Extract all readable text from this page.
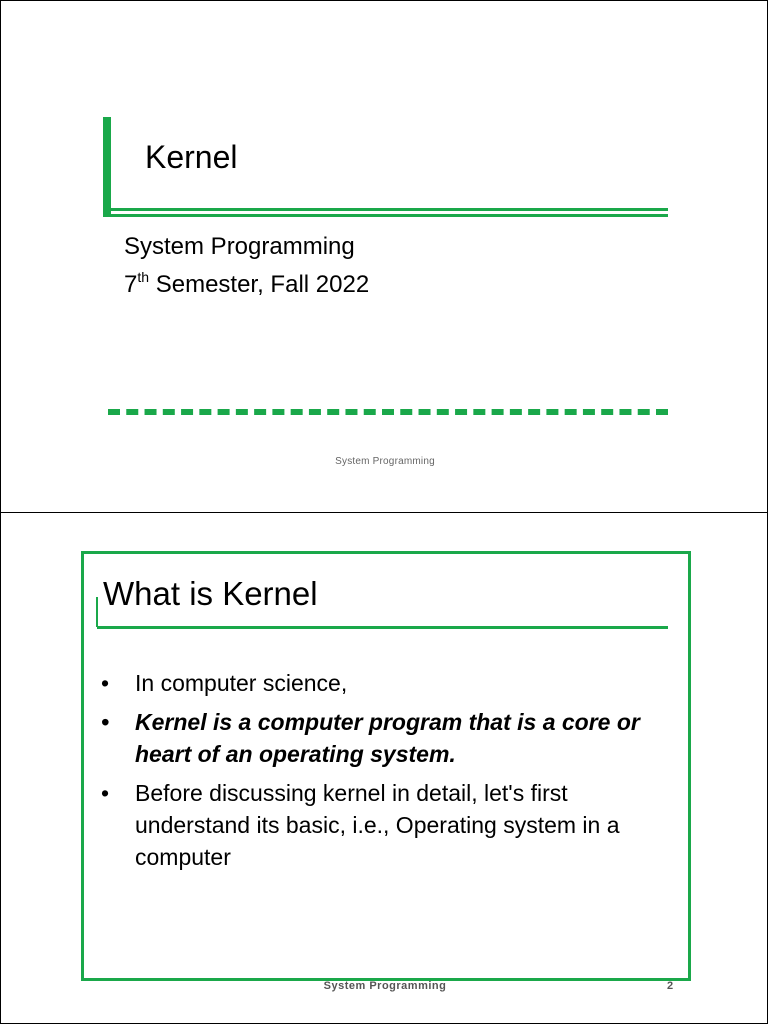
Kernel
System Programming
7th Semester, Fall 2022
System Programming
What is Kernel
• In computer science,
• Kernel is a computer program that is a core or heart of an operating system.
• Before discussing kernel in detail, let's first understand its basic, i.e., Operating system in a computer
System Programming	2
